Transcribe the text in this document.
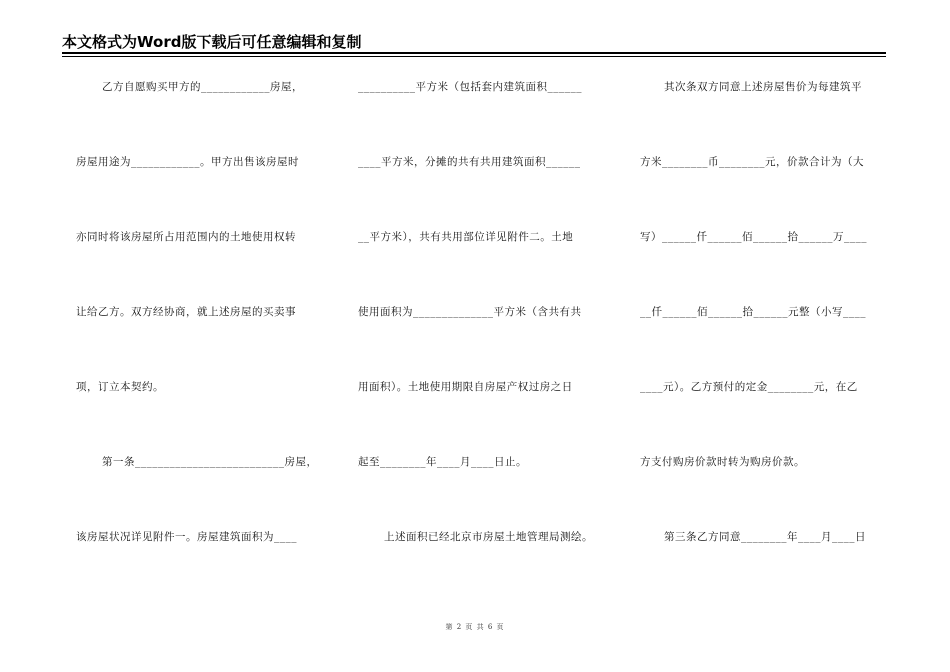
本文格式为Word版下载后可任意编辑和复制
乙方自愿购买甲方的____________房屋，
房屋用途为____________。甲方出售该房屋时
亦同时将该房屋所占用范围内的土地使用权转
让给乙方。双方经协商，就上述房屋的买卖事
项，订立本契约。
第一条__________________________房屋，
该房屋状况详见附件一。房屋建筑面积为____
__________平方米（包括套内建筑面积______
____平方米，分摊的共有共用建筑面积______
__平方米），共有共用部位详见附件二。土地
使用面积为______________平方米（含共有共
用面积）。土地使用期限自房屋产权过房之日
起至________年____月____日止。
上述面积已经北京市房屋土地管理局测绘。
其次条双方同意上述房屋售价为每建筑平
方米________币________元，价款合计为（大
写）______仟______佰______拾______万____
__仟______佰______拾______元整（小写____
____元）。乙方预付的定金________元，在乙
方支付购房价款时转为购房价款。
第三条乙方同意________年____月____日
第 2 页 共 6 页
